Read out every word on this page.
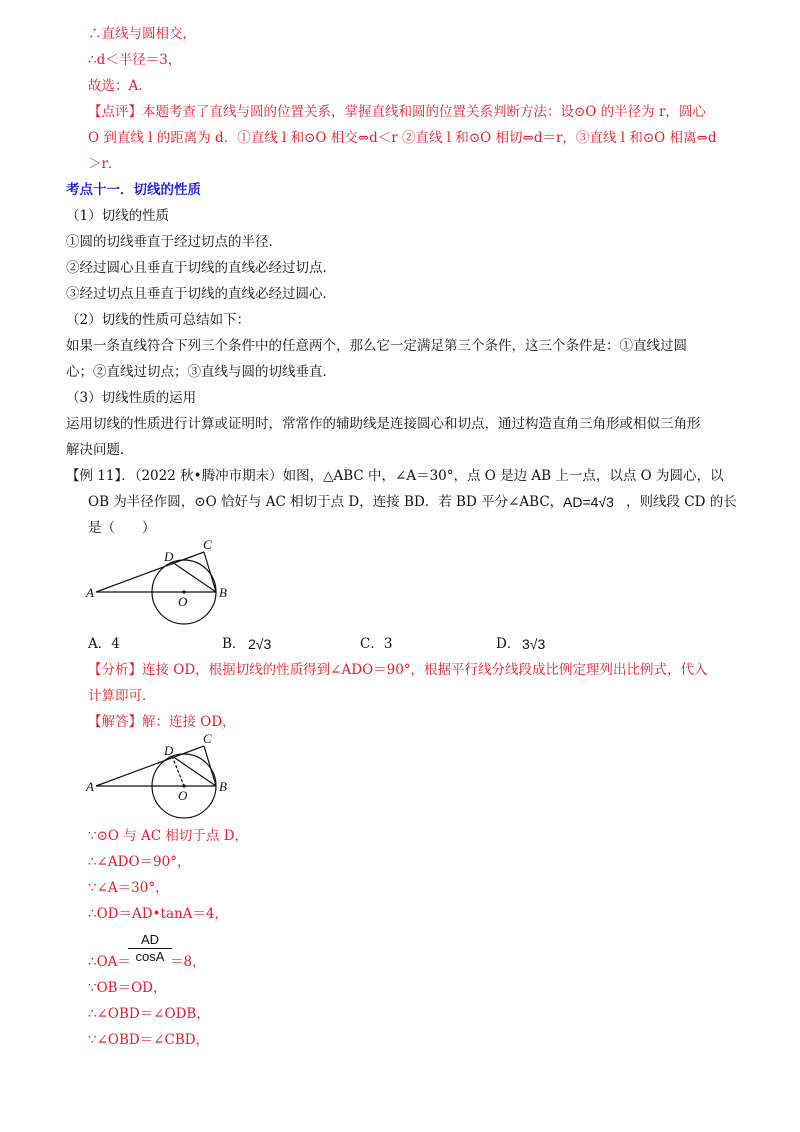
∴直线与圆相交，
∴d＜半径＝3，
故选：A．
【点评】本题考查了直线与圆的位置关系，掌握直线和圆的位置关系判断方法：设⊙O 的半径为 r，圆心
O 到直线 l 的距离为 d．①直线 l 和⊙O 相交⇔d＜r ②直线 l 和⊙O 相切⇔d＝r，③直线 l 和⊙O 相离⇔d
＞r．
考点十一．切线的性质
（1）切线的性质
①圆的切线垂直于经过切点的半径．
②经过圆心且垂直于切线的直线必经过切点．
③经过切点且垂直于切线的直线必经过圆心．
（2）切线的性质可总结如下：
如果一条直线符合下列三个条件中的任意两个，那么它一定满足第三个条件，这三个条件是：①直线过圆
心；②直线过切点；③直线与圆的切线垂直．
（3）切线性质的运用
运用切线的性质进行计算或证明时，常常作的辅助线是连接圆心和切点，通过构造直角三角形或相似三角形
解决问题．
【例 11】．（2022 秋•腾冲市期末）如图，△ABC 中，∠A＝30°，点 O 是边 AB 上一点，以点 O 为圆心，以
OB 为半径作圆，⊙O 恰好与 AC 相切于点 D，连接 BD．若 BD 平分∠ABC，	，则线段 CD 的长
是（　　）
A．4	B．	C．3	D．
【分析】连接 OD，根据切线的性质得到∠ADO＝90°，根据平行线分线段成比例定理列出比例式，代入
计算即可．
【解答】解：连接 OD，
∵⊙O 与 AC 相切于点 D，
∴∠ADO＝90°，
∵∠A＝30°，
∴OD＝AD•tanA＝4，
∴OA＝	＝8，
∵OB＝OD，
∴∠OBD＝∠ODB，
∵∠OBD＝∠CBD，
AD=4√3
2√3	3√3
$\frac{AD}{\cos A}$
A	B
C
D
O
A	B
C
D
O
